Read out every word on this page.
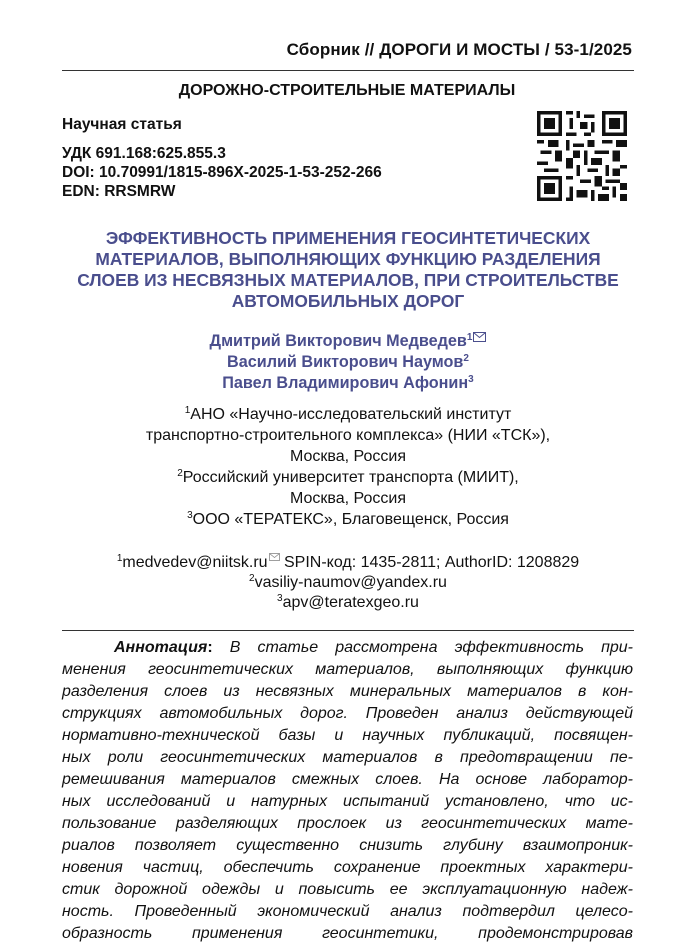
Сборник // ДОРОГИ И МОСТЫ / 53-1/2025
ДОРОЖНО-СТРОИТЕЛЬНЫЕ МАТЕРИАЛЫ
Научная статья
УДК 691.168:625.855.3
DOI: 10.70991/1815-896X-2025-1-53-252-266
EDN: RRSMRW
ЭФФЕКТИВНОСТЬ ПРИМЕНЕНИЯ ГЕОСИНТЕТИЧЕСКИХ
МАТЕРИАЛОВ, ВЫПОЛНЯЮЩИХ ФУНКЦИЮ РАЗДЕЛЕНИЯ
СЛОЕВ ИЗ НЕСВЯЗНЫХ МАТЕРИАЛОВ, ПРИ СТРОИТЕЛЬСТВЕ
АВТОМОБИЛЬНЫХ ДОРОГ
Дмитрий Викторович Медведев$^1$
Василий Викторович Наумов$^2$
Павел Владимирович Афонин$^3$
$^1$АНО «Научно-исследовательский институт
транспортно-строительного комплекса» (НИИ «ТСК»),
Москва, Россия
$^2$Российский университет транспорта (МИИТ),
Москва, Россия
$^3$ООО «ТЕРАТЕКС», Благовещенск, Россия
$^1$medvedev@niitsk.ru SPIN-код: 1435-2811; AuthorID: 1208829
$^2$vasiliy-naumov@yandex.ru
$^3$apv@teratexgeo.ru
Аннотация: В статье рассмотрена эффективность при-
менения геосинтетических материалов, выполняющих функцию
разделения слоев из несвязных минеральных материалов в кон-
струкциях автомобильных дорог. Проведен анализ действующей
нормативно-технической базы и научных публикаций, посвящен-
ных роли геосинтетических материалов в предотвращении пе-
ремешивания материалов смежных слоев. На основе лаборатор-
ных исследований и натурных испытаний установлено, что ис-
пользование разделяющих прослоек из геосинтетических мате-
риалов позволяет существенно снизить глубину взаимопроник-
новения частиц, обеспечить сохранение проектных характери-
стик дорожной одежды и повысить ее эксплуатационную надеж-
ность. Проведенный экономический анализ подтвердил целесо-
образность применения геосинтетики, продемонстрировав
